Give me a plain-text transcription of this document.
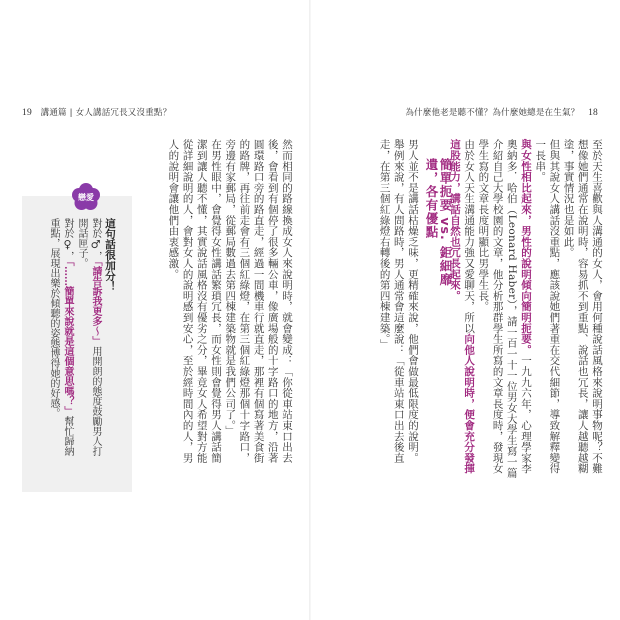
19 講通篇 | 女人講話冗長又沒重點？

然而相同的路線換成女人來說明時，就會變成：「你從車站東口出去後，會看到有個停了很多輛公車，像廣場般的十字路口的地方，沿著圓環路口旁的路直走，經過一間機車行就直走，那裡有個寫著美食街的路牌，再往前走會有三個紅綠燈，在第三個紅綠燈那個十字路口，旁邊有家郵局，從郵局數過去第四棟建築物就是我們公司了。」

在男性眼中，會覺得女性講話繁瑣冗長，而女性則會覺得男人講話簡潔到讓人聽不懂，其實說話風格沒有優劣之分，畢竟女人希望對方能從詳細說明的人，會對女人的說明感到安心，至於經時間內的人，男人的說明會讓他們由衷感激。

戀愛
這句話很加分！

對於♂，「請告訴我更多～」用開朗的態度鼓勵男人打開話匣子。

對於♀，「……簡單來說就是這個意思嗎？」幫忙歸納重點，展現出樂於傾聽的姿態博得她的好感。

為什麼他老是聽不懂？為什麼她總是在生氣？ 18

至於天生喜歡與人溝通的女人，會用何種說話風格來說明事物呢？不難想像她們通常在說明時，容易抓不到重點、說話也冗長，讓人越聽越糊塗，事實情況也是如此。

但與其說女人講話沒重點，應該說她們著重在交代細節，導致解釋變得一長串。

與女性相比起來，男性的說明傾向簡明扼要。一九九六年，心理學家李奧納多．哈伯（Leonard Haber），請一百一十一位男女大學生寫一篇介紹自己大學校園的文章，他分析那群學生所寫的文章長度時，發現女學生寫的文章長度明顯比男學生長。

由於女人天生溝通能力強又愛聊天，所以向他人說明時，便會充分發揮這股能力，講話自然也冗長起來。

簡單扼要 vs. 鉅細靡遺，各有優點

男人並不是講話枯燥乏味，更精確來說，他們會做最低限度的說明。

舉例來說，有人問路時，男人通常會這麼說：「從車站東口出去後直走，在第三個紅綠燈右轉後的第四棟建築。」
